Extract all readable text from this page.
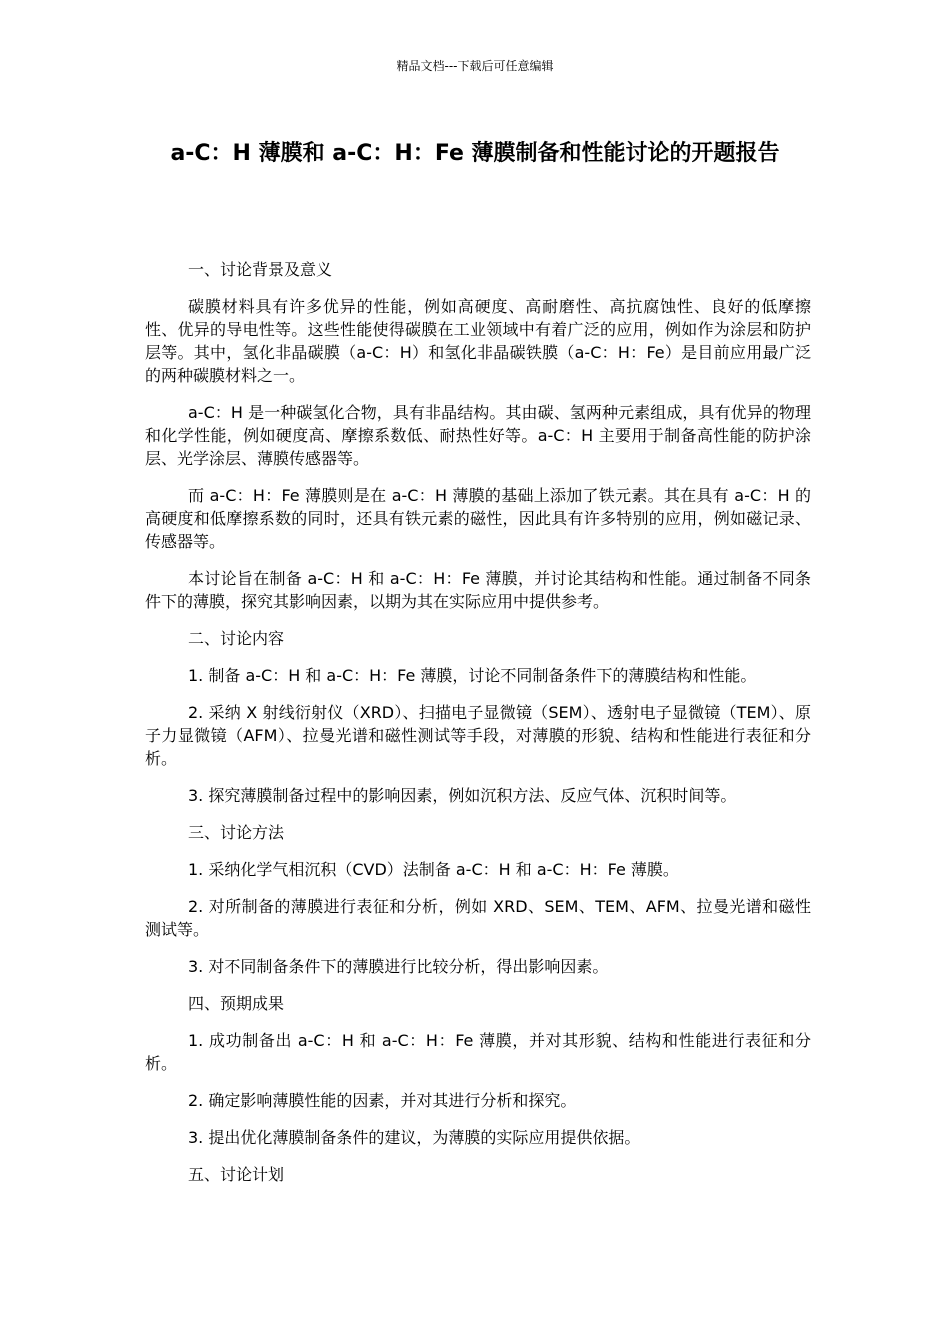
精品文档---下载后可任意编辑
a-C：H 薄膜和 a-C：H：Fe 薄膜制备和性能讨论的开题报告

一、讨论背景及意义

碳膜材料具有许多优异的性能，例如高硬度、高耐磨性、高抗腐蚀性、良好的低摩擦性、优异的导电性等。这些性能使得碳膜在工业领域中有着广泛的应用，例如作为涂层和防护层等。其中，氢化非晶碳膜（a-C：H）和氢化非晶碳铁膜（a-C：H：Fe）是目前应用最广泛的两种碳膜材料之一。

a-C：H 是一种碳氢化合物，具有非晶结构。其由碳、氢两种元素组成，具有优异的物理和化学性能，例如硬度高、摩擦系数低、耐热性好等。a-C：H 主要用于制备高性能的防护涂层、光学涂层、薄膜传感器等。

而 a-C：H：Fe 薄膜则是在 a-C：H 薄膜的基础上添加了铁元素。其在具有 a-C：H 的高硬度和低摩擦系数的同时，还具有铁元素的磁性，因此具有许多特别的应用，例如磁记录、传感器等。

本讨论旨在制备 a-C：H 和 a-C：H：Fe 薄膜，并讨论其结构和性能。通过制备不同条件下的薄膜，探究其影响因素，以期为其在实际应用中提供参考。

二、讨论内容

1. 制备 a-C：H 和 a-C：H：Fe 薄膜，讨论不同制备条件下的薄膜结构和性能。

2. 采纳 X 射线衍射仪（XRD）、扫描电子显微镜（SEM）、透射电子显微镜（TEM）、原子力显微镜（AFM）、拉曼光谱和磁性测试等手段，对薄膜的形貌、结构和性能进行表征和分析。

3. 探究薄膜制备过程中的影响因素，例如沉积方法、反应气体、沉积时间等。

三、讨论方法

1. 采纳化学气相沉积（CVD）法制备 a-C：H 和 a-C：H：Fe 薄膜。

2. 对所制备的薄膜进行表征和分析，例如 XRD、SEM、TEM、AFM、拉曼光谱和磁性测试等。

3. 对不同制备条件下的薄膜进行比较分析，得出影响因素。

四、预期成果

1. 成功制备出 a-C：H 和 a-C：H：Fe 薄膜，并对其形貌、结构和性能进行表征和分析。

2. 确定影响薄膜性能的因素，并对其进行分析和探究。

3. 提出优化薄膜制备条件的建议，为薄膜的实际应用提供依据。

五、讨论计划
